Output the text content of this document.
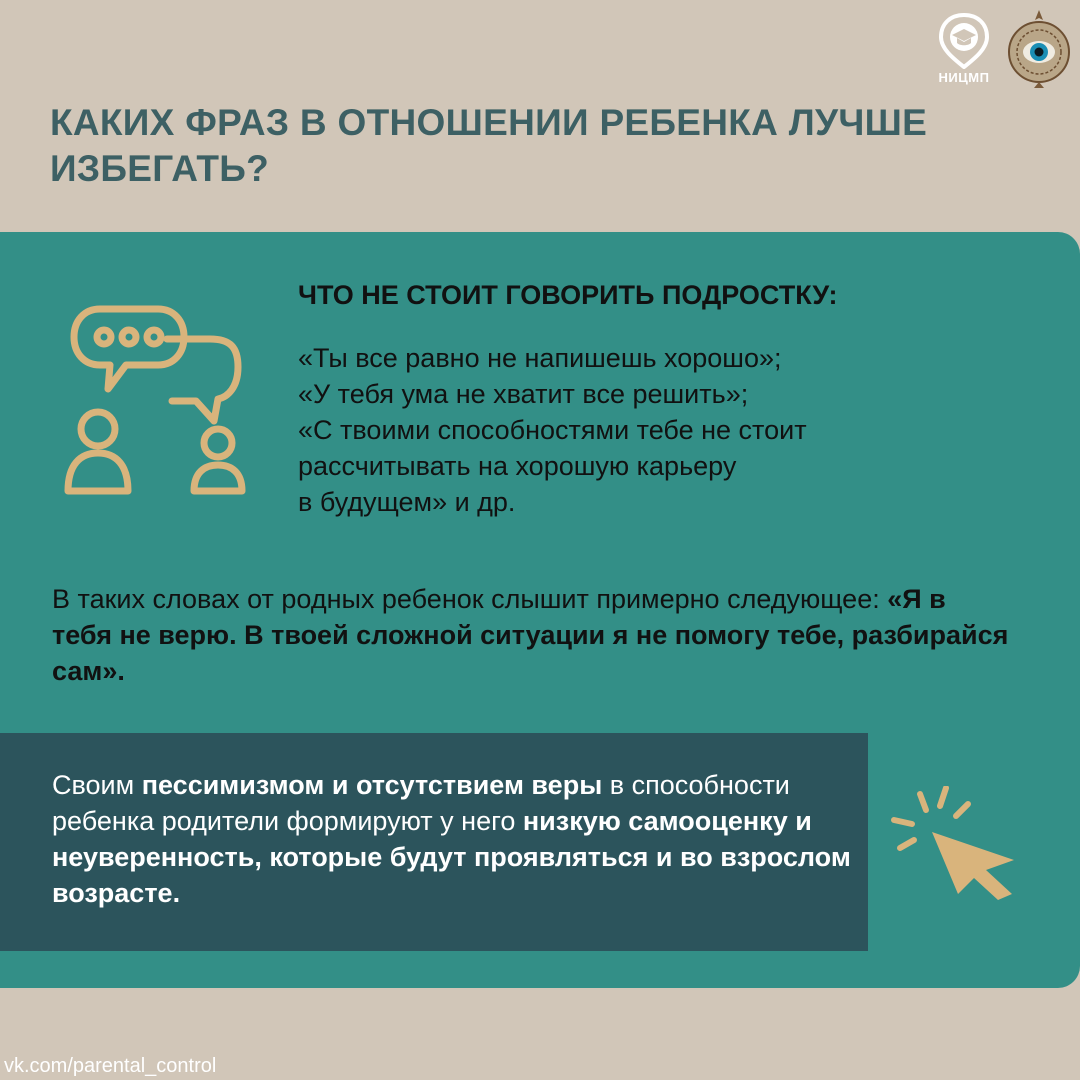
НИЦМП
КАКИХ ФРАЗ В ОТНОШЕНИИ РЕБЕНКА ЛУЧШЕ ИЗБЕГАТЬ?
ЧТО НЕ СТОИТ ГОВОРИТЬ ПОДРОСТКУ:
«Ты все равно не напишешь хорошо»;
«У тебя ума не хватит все решить»;
«С твоими способностями тебе не стоит
рассчитывать на хорошую карьеру
в будущем» и др.

В таких словах от родных ребенок слышит примерно следующее: «Я в тебя не верю. В твоей сложной ситуации я не помогу тебе, разбирайся сам».

Своим пессимизмом и отсутствием веры в способности ребенка родители формируют у него низкую самооценку и неуверенность, которые будут проявляться и во взрослом возрасте.

vk.com/parental_control
